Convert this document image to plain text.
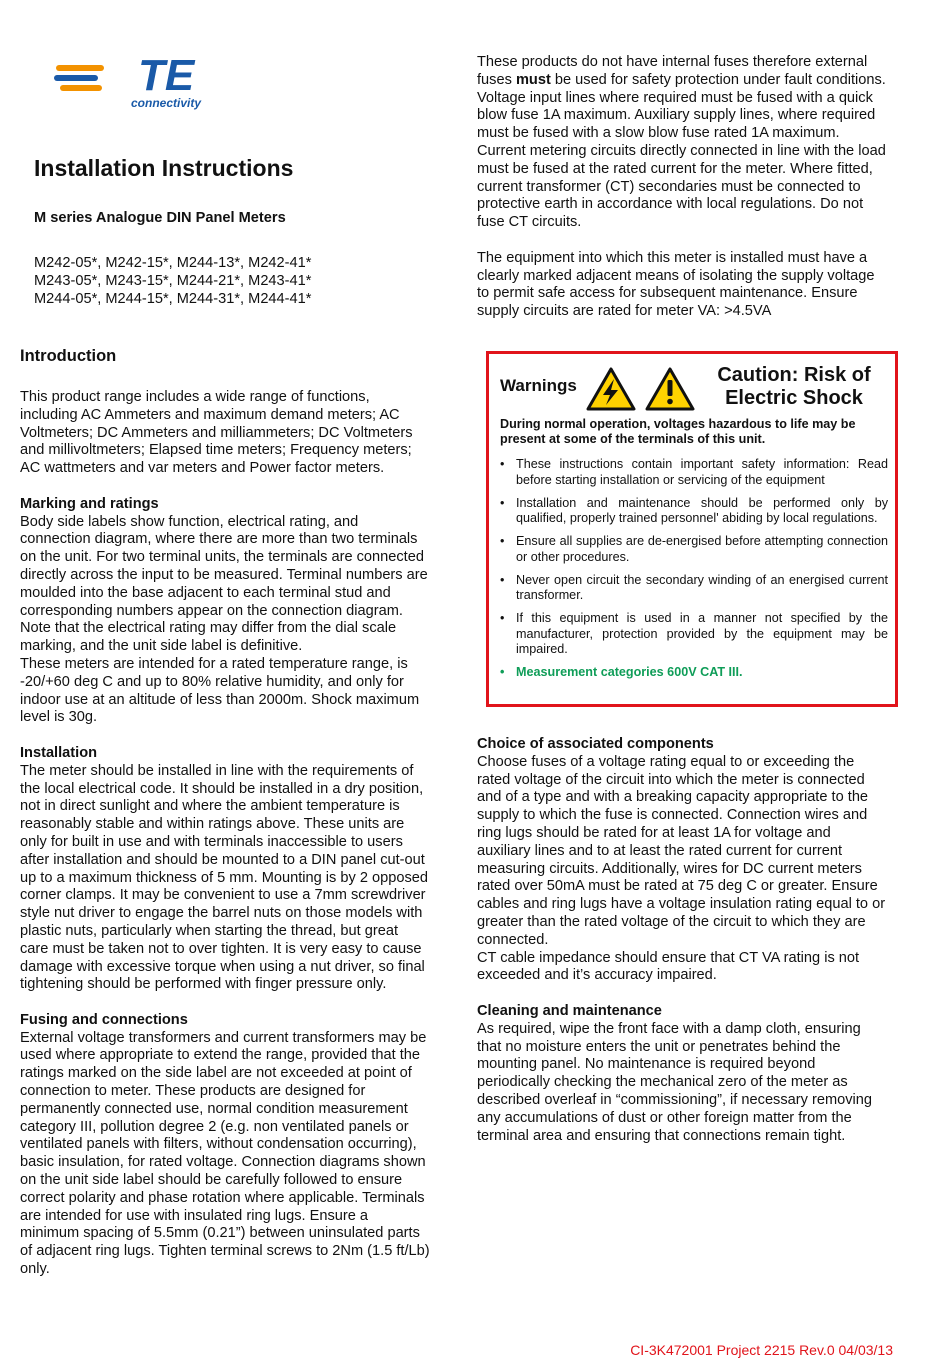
TE
connectivity
Installation Instructions
M series Analogue DIN Panel Meters
M242-05*, M242-15*, M244-13*, M242-41*
M243-05*, M243-15*, M244-21*, M243-41*
M244-05*, M244-15*, M244-31*, M244-41*
Introduction

This product range includes a wide range of functions, including AC Ammeters and maximum demand meters; AC Voltmeters; DC Ammeters and milliammeters; DC Voltmeters and millivoltmeters; Elapsed time meters; Frequency meters; AC wattmeters and var meters and Power factor meters.

Marking and ratings

Body side labels show function, electrical rating, and connection diagram, where there are more than two terminals on the unit. For two terminal units, the terminals are connected directly across the input to be measured. Terminal numbers are moulded into the base adjacent to each terminal stud and corresponding numbers appear on the connection diagram. Note that the electrical rating may differ from the dial scale marking, and the unit side label is definitive.

These meters are intended for a rated temperature range, is -20/+60 deg C and up to 80% relative humidity, and only for indoor use at an altitude of less than 2000m. Shock maximum level is 30g.

Installation

The meter should be installed in line with the requirements of the local electrical code. It should be installed in a dry position, not in direct sunlight and where the ambient temperature is reasonably stable and within ratings above. These units are only for built in use and with terminals inaccessible to users after installation and should be mounted to a DIN panel cut-out up to a maximum thickness of 5 mm. Mounting is by 2 opposed corner clamps. It may be convenient to use a 7mm screwdriver style nut driver to engage the barrel nuts on those models with plastic nuts, particularly when starting the thread, but great care must be taken not to over tighten. It is very easy to cause damage with excessive torque when using a nut driver, so final tightening should be performed with finger pressure only.

Fusing and connections

External voltage transformers and current transformers may be used where appropriate to extend the range, provided that the ratings marked on the side label are not exceeded at point of connection to meter. These products are designed for permanently connected use, normal condition measurement category III, pollution degree 2 (e.g. non ventilated panels or ventilated panels with filters, without condensation occurring), basic insulation, for rated voltage. Connection diagrams shown on the unit side label should be carefully followed to ensure correct polarity and phase rotation where applicable. Terminals are intended for use with insulated ring lugs. Ensure a minimum spacing of 5.5mm (0.21”) between uninsulated parts of adjacent ring lugs. Tighten terminal screws to 2Nm (1.5 ft/Lb) only.

These products do not have internal fuses therefore external fuses must be used for safety protection under fault conditions. Voltage input lines where required must be fused with a quick blow fuse 1A maximum. Auxiliary supply lines, where required must be fused with a slow blow fuse rated 1A maximum. Current metering circuits directly connected in line with the load must be fused at the rated current for the meter. Where fitted, current transformer (CT) secondaries must be connected to protective earth in accordance with local regulations. Do not fuse CT circuits.

The equipment into which this meter is installed must have a clearly marked adjacent means of isolating the supply voltage to permit safe access for subsequent maintenance. Ensure supply circuits are rated for meter VA: >4.5VA

Warnings	Caution: Risk of Electric Shock
During normal operation, voltages hazardous to life may be present at some of the terminals of this unit.
• These instructions contain important safety information: Read before starting installation or servicing of the equipment
• Installation and maintenance should be performed only by qualified, properly trained personnel' abiding by local regulations.
• Ensure all supplies are de-energised before attempting connection or other procedures.
• Never open circuit the secondary winding of an energised current transformer.
• If this equipment is used in a manner not specified by the manufacturer, protection provided by the equipment may be impaired.
• Measurement categories 600V CAT III.

Choice of associated components

Choose fuses of a voltage rating equal to or exceeding the rated voltage of the circuit into which the meter is connected and of a type and with a breaking capacity appropriate to the supply to which the fuse is connected. Connection wires and ring lugs should be rated for at least 1A for voltage and auxiliary lines and to at least the rated current for current measuring circuits. Additionally, wires for DC current meters rated over 50mA must be rated at 75 deg C or greater. Ensure cables and ring lugs have a voltage insulation rating equal to or greater than the rated voltage of the circuit to which they are connected.

CT cable impedance should ensure that CT VA rating is not exceeded and it’s accuracy impaired.

Cleaning and maintenance

As required, wipe the front face with a damp cloth, ensuring that no moisture enters the unit or penetrates behind the mounting panel. No maintenance is required beyond periodically checking the mechanical zero of the meter as described overleaf in “commissioning”, if necessary removing any accumulations of dust or other foreign matter from the terminal area and ensuring that connections remain tight.

CI-3K472001 Project 2215 Rev.0 04/03/13
